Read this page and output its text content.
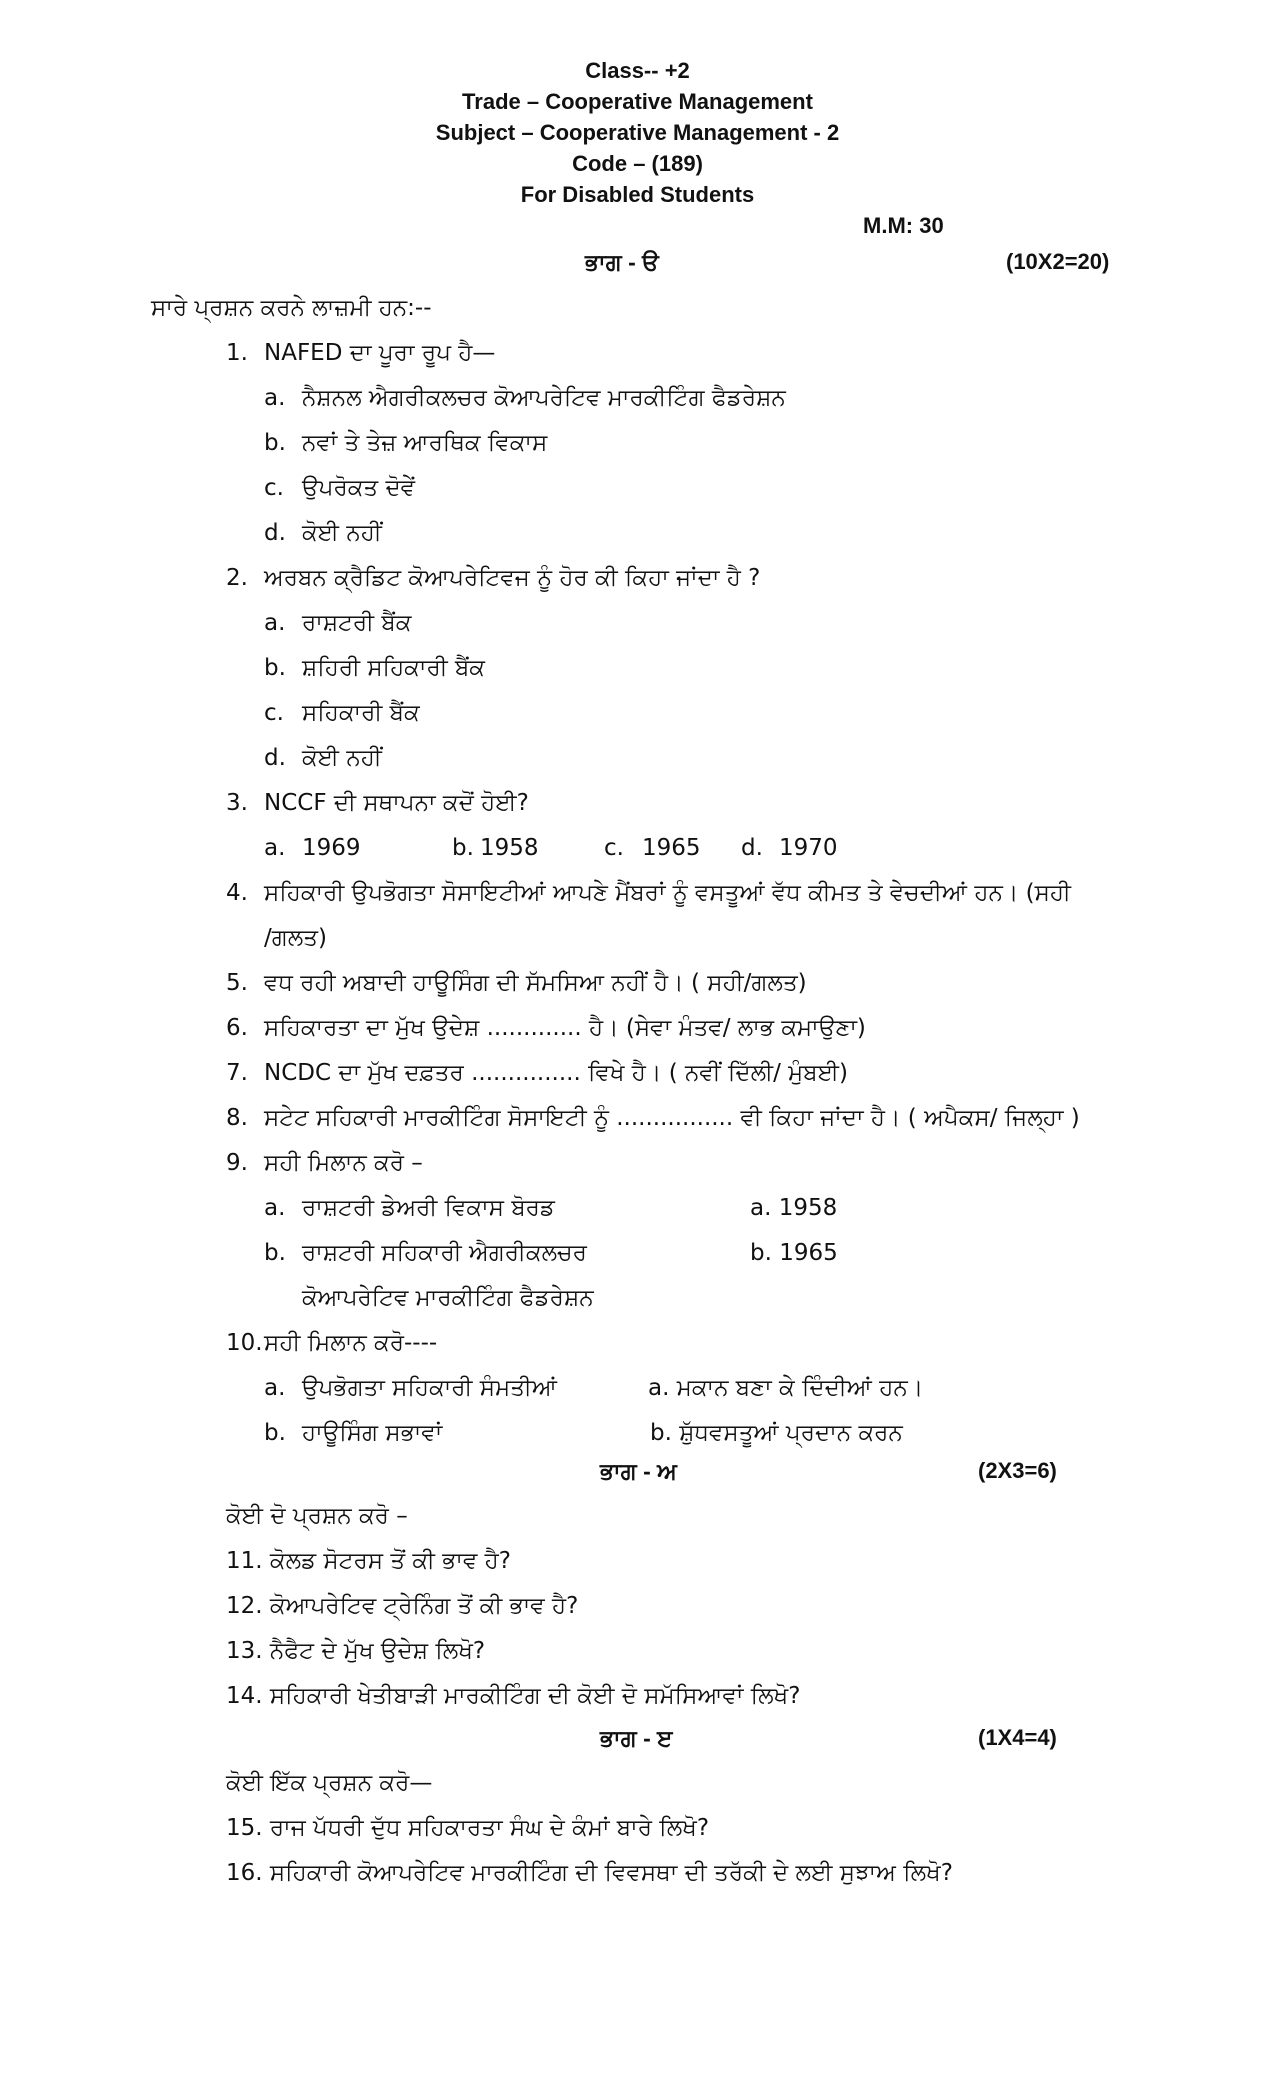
Class-- +2
Trade – Cooperative Management
Subject – Cooperative Management - 2
Code – (189)
For Disabled Students
M.M: 30
ਭਾਗ - ੳ	(10X2=20)
ਸਾਰੇ ਪ੍ਰਸ਼ਨ ਕਰਨੇ ਲਾਜ਼ਮੀ ਹਨ:--
1. NAFED ਦਾ ਪੂਰਾ ਰੂਪ ਹੈ—
a. ਨੈਸ਼ਨਲ ਐਗਰੀਕਲਚਰ ਕੋਆਪਰੇਟਿਵ ਮਾਰਕੀਟਿੰਗ ਫੈਡਰੇਸ਼ਨ
b. ਨਵਾਂ ਤੇ ਤੇਜ਼ ਆਰਥਿਕ ਵਿਕਾਸ
c. ਉਪਰੋਕਤ ਦੋਵੇਂ
d. ਕੋਈ ਨਹੀਂ
2. ਅਰਬਨ ਕ੍ਰੈਡਿਟ ਕੋਆਪਰੇਟਿਵਜ ਨੂੰ ਹੋਰ ਕੀ ਕਿਹਾ ਜਾਂਦਾ ਹੈ ?
a. ਰਾਸ਼ਟਰੀ ਬੈਂਕ
b. ਸ਼ਹਿਰੀ ਸਹਿਕਾਰੀ ਬੈਂਕ
c. ਸਹਿਕਾਰੀ ਬੈਂਕ
d. ਕੋਈ ਨਹੀਂ
3. NCCF ਦੀ ਸਥਾਪਨਾ ਕਦੋਂ ਹੋਈ?
a. 1969	b. 1958	c. 1965 d. 1970
4. ਸਹਿਕਾਰੀ ਉਪਭੋਗਤਾ ਸੋਸਾਇਟੀਆਂ ਆਪਣੇ ਮੈਂਬਰਾਂ ਨੂੰ ਵਸਤੂਆਂ ਵੱਧ ਕੀਮਤ ਤੇ ਵੇਚਦੀਆਂ ਹਨ। (ਸਹੀ
/ਗਲਤ)
5. ਵਧ ਰਹੀ ਅਬਾਦੀ ਹਾਊਸਿੰਗ ਦੀ ਸੱਮਸਿਆ ਨਹੀਂ ਹੈ। ( ਸਹੀ/ਗਲਤ)
6. ਸਹਿਕਾਰਤਾ ਦਾ ਮੁੱਖ ਉਦੇਸ਼ ............. ਹੈ। (ਸੇਵਾ ਮੰਤਵ/ ਲਾਭ ਕਮਾਉਣਾ)
7. NCDC ਦਾ ਮੁੱਖ ਦਫ਼ਤਰ ............... ਵਿਖੇ ਹੈ। ( ਨਵੀਂ ਦਿੱਲੀ/ ਮੁੰਬਈ)
8. ਸਟੇਟ ਸਹਿਕਾਰੀ ਮਾਰਕੀਟਿੰਗ ਸੋਸਾਇਟੀ ਨੂੰ ................ ਵੀ ਕਿਹਾ ਜਾਂਦਾ ਹੈ। ( ਅਪੈਕਸ/ ਜਿਲ੍ਹਾ )
9. ਸਹੀ ਮਿਲਾਨ ਕਰੋ –
a. ਰਾਸ਼ਟਰੀ ਡੇਅਰੀ ਵਿਕਾਸ ਬੋਰਡ	a. 1958
b. ਰਾਸ਼ਟਰੀ ਸਹਿਕਾਰੀ ਐਗਰੀਕਲਚਰ	b. 1965
ਕੋਆਪਰੇਟਿਵ ਮਾਰਕੀਟਿੰਗ ਫੈਡਰੇਸ਼ਨ
10.ਸਹੀ ਮਿਲਾਨ ਕਰੋ----
a. ਉਪਭੋਗਤਾ ਸਹਿਕਾਰੀ ਸੰਮਤੀਆਂ	a. ਮਕਾਨ ਬਣਾ ਕੇ ਦਿੰਦੀਆਂ ਹਨ।
b. ਹਾਊਸਿੰਗ ਸਭਾਵਾਂ	b. ਸ਼ੁੱਧਵਸਤੂਆਂ ਪ੍ਰਦਾਨ ਕਰਨ
ਭਾਗ - ਅ	(2X3=6)
ਕੋਈ ਦੋ ਪ੍ਰਸ਼ਨ ਕਰੋ –
11. ਕੋਲਡ ਸੋਟਰਸ ਤੋਂ ਕੀ ਭਾਵ ਹੈ?
12. ਕੋਆਪਰੇਟਿਵ ਟ੍ਰੇਨਿੰਗ ਤੋਂ ਕੀ ਭਾਵ ਹੈ?
13. ਨੈਫੈਟ ਦੇ ਮੁੱਖ ਉਦੇਸ਼ ਲਿਖੋ?
14. ਸਹਿਕਾਰੀ ਖੇਤੀਬਾੜੀ ਮਾਰਕੀਟਿੰਗ ਦੀ ਕੋਈ ਦੋ ਸਮੱਸਿਆਵਾਂ ਲਿਖੋ?
ਭਾਗ - ੲ	(1X4=4)
ਕੋਈ ਇੱਕ ਪ੍ਰਸ਼ਨ ਕਰੋ—
15. ਰਾਜ ਪੱਧਰੀ ਦੁੱਧ ਸਹਿਕਾਰਤਾ ਸੰਘ ਦੇ ਕੰਮਾਂ ਬਾਰੇ ਲਿਖੋ?
16. ਸਹਿਕਾਰੀ ਕੋਆਪਰੇਟਿਵ ਮਾਰਕੀਟਿੰਗ ਦੀ ਵਿਵਸਥਾ ਦੀ ਤਰੱਕੀ ਦੇ ਲਈ ਸੁਝਾਅ ਲਿਖੋ?
